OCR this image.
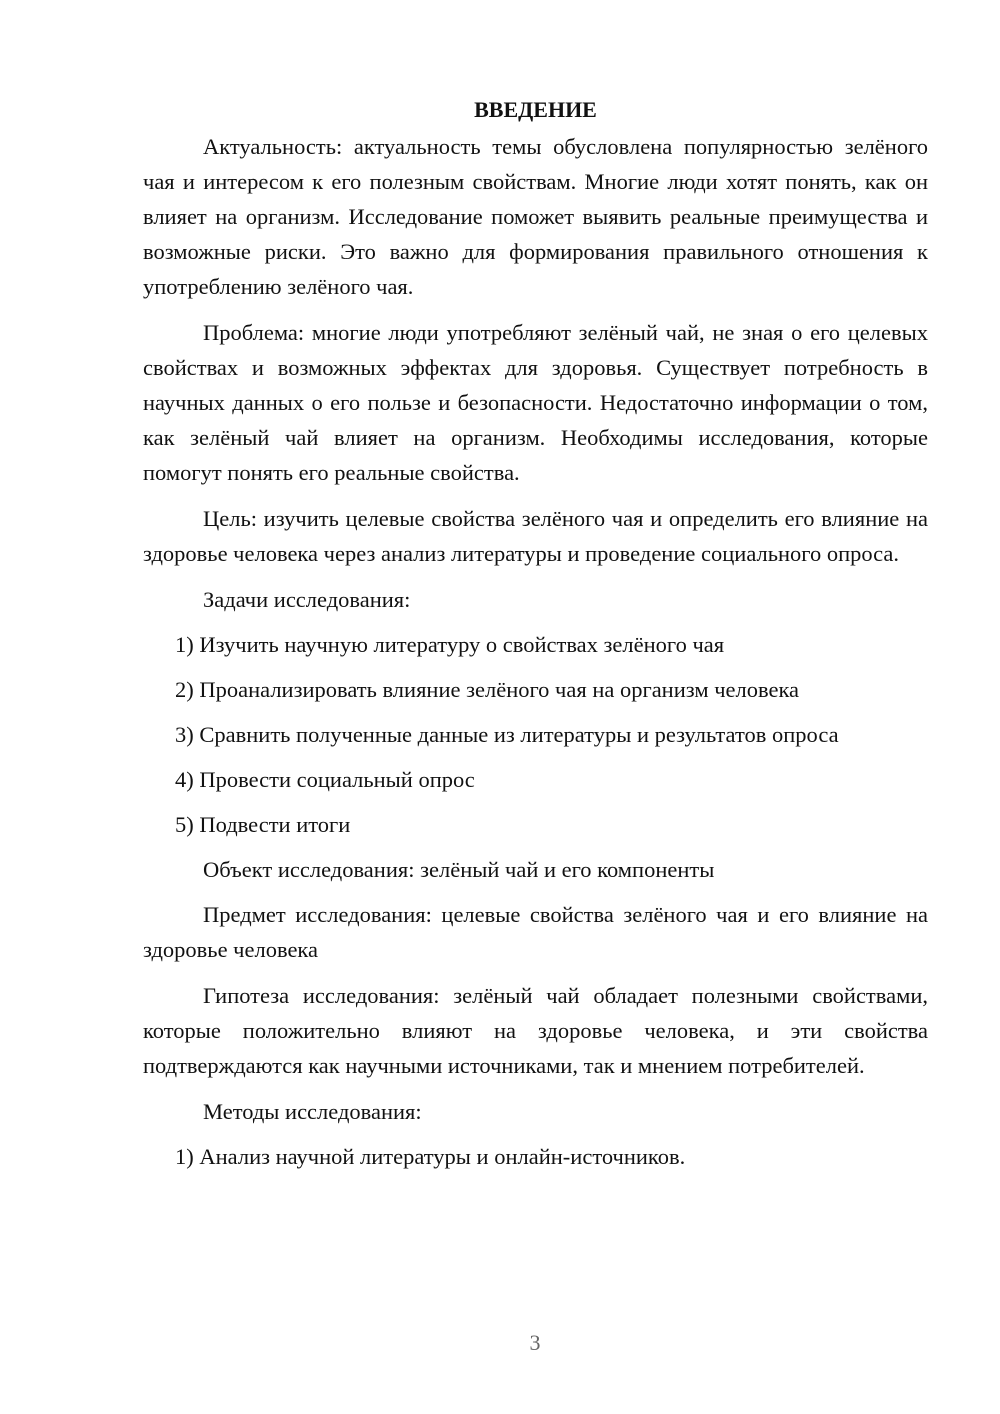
ВВЕДЕНИЕ

Актуальность: актуальность темы обусловлена популярностью зелёного чая и интересом к его полезным свойствам. Многие люди хотят понять, как он влияет на организм. Исследование поможет выявить реальные преимущества и возможные риски. Это важно для формирования правильного отношения к употреблению зелёного чая.

Проблема: многие люди употребляют зелёный чай, не зная о его целевых свойствах и возможных эффектах для здоровья. Существует потребность в научных данных о его пользе и безопасности. Недостаточно информации о том, как зелёный чай влияет на организм. Необходимы исследования, которые помогут понять его реальные свойства.

Цель: изучить целевые свойства зелёного чая и определить его влияние на здоровье человека через анализ литературы и проведение социального опроса.

Задачи исследования:
1) Изучить научную литературу о свойствах зелёного чая
2) Проанализировать влияние зелёного чая на организм человека
3) Сравнить полученные данные из литературы и результатов опроса
4) Провести социальный опрос
5) Подвести итоги
Объект исследования: зелёный чай и его компоненты

Предмет исследования: целевые свойства зелёного чая и его влияние на здоровье человека

Гипотеза исследования: зелёный чай обладает полезными свойствами, которые положительно влияют на здоровье человека, и эти свойства подтверждаются как научными источниками, так и мнением потребителей.

Методы исследования:
1) Анализ научной литературы и онлайн-источников.
3
